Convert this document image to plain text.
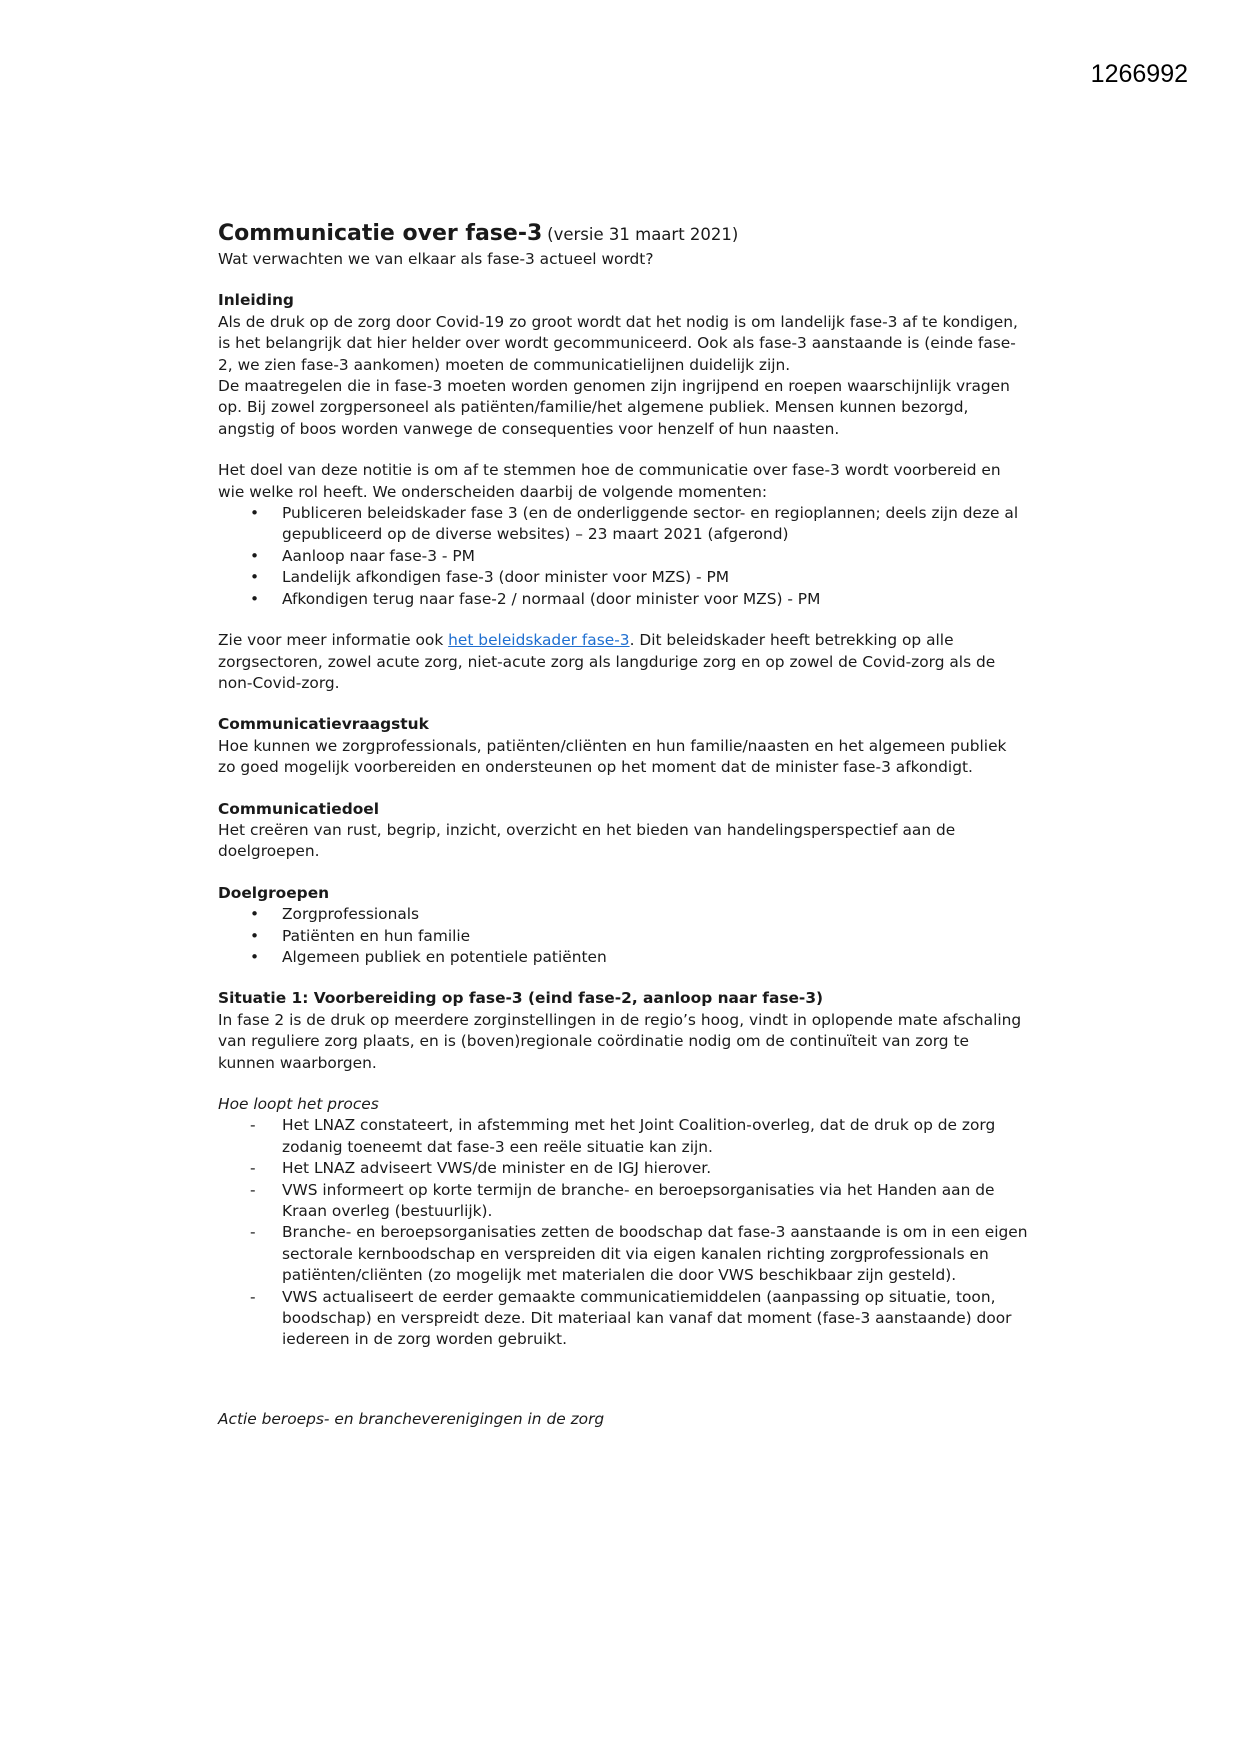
1266992

Communicatie over fase-3 (versie 31 maart 2021)

Wat verwachten we van elkaar als fase-3 actueel wordt?

Inleiding

Als de druk op de zorg door Covid-19 zo groot wordt dat het nodig is om landelijk fase-3 af te kondigen, is het belangrijk dat hier helder over wordt gecommuniceerd. Ook als fase-3 aanstaande is (einde fase-2, we zien fase-3 aankomen) moeten de communicatielijnen duidelijk zijn.

De maatregelen die in fase-3 moeten worden genomen zijn ingrijpend en roepen waarschijnlijk vragen op. Bij zowel zorgpersoneel als patiënten/familie/het algemene publiek. Mensen kunnen bezorgd, angstig of boos worden vanwege de consequenties voor henzelf of hun naasten.

Het doel van deze notitie is om af te stemmen hoe de communicatie over fase-3 wordt voorbereid en wie welke rol heeft. We onderscheiden daarbij de volgende momenten:

• Publiceren beleidskader fase 3 (en de onderliggende sector- en regioplannen; deels zijn deze al gepubliceerd op de diverse websites) – 23 maart 2021 (afgerond)
• Aanloop naar fase-3 - PM
• Landelijk afkondigen fase-3 (door minister voor MZS) - PM
• Afkondigen terug naar fase-2 / normaal (door minister voor MZS) - PM

Zie voor meer informatie ook het beleidskader fase-3. Dit beleidskader heeft betrekking op alle zorgsectoren, zowel acute zorg, niet-acute zorg als langdurige zorg en op zowel de Covid-zorg als de non-Covid-zorg.

Communicatievraagstuk

Hoe kunnen we zorgprofessionals, patiënten/cliënten en hun familie/naasten en het algemeen publiek zo goed mogelijk voorbereiden en ondersteunen op het moment dat de minister fase-3 afkondigt.

Communicatiedoel

Het creëren van rust, begrip, inzicht, overzicht en het bieden van handelingsperspectief aan de doelgroepen.

Doelgroepen

• Zorgprofessionals
• Patiënten en hun familie
• Algemeen publiek en potentiele patiënten

Situatie 1: Voorbereiding op fase-3 (eind fase-2, aanloop naar fase-3)

In fase 2 is de druk op meerdere zorginstellingen in de regio’s hoog, vindt in oplopende mate afschaling van reguliere zorg plaats, en is (boven)regionale coördinatie nodig om de continuïteit van zorg te kunnen waarborgen.

Hoe loopt het proces

- Het LNAZ constateert, in afstemming met het Joint Coalition-overleg, dat de druk op de zorg zodanig toeneemt dat fase-3 een reële situatie kan zijn.
- Het LNAZ adviseert VWS/de minister en de IGJ hierover.
- VWS informeert op korte termijn de branche- en beroepsorganisaties via het Handen aan de Kraan overleg (bestuurlijk).
- Branche- en beroepsorganisaties zetten de boodschap dat fase-3 aanstaande is om in een eigen sectorale kernboodschap en verspreiden dit via eigen kanalen richting zorgprofessionals en patiënten/cliënten (zo mogelijk met materialen die door VWS beschikbaar zijn gesteld).
- VWS actualiseert de eerder gemaakte communicatiemiddelen (aanpassing op situatie, toon, boodschap) en verspreidt deze. Dit materiaal kan vanaf dat moment (fase-3 aanstaande) door iedereen in de zorg worden gebruikt.

Actie beroeps- en brancheverenigingen in de zorg
